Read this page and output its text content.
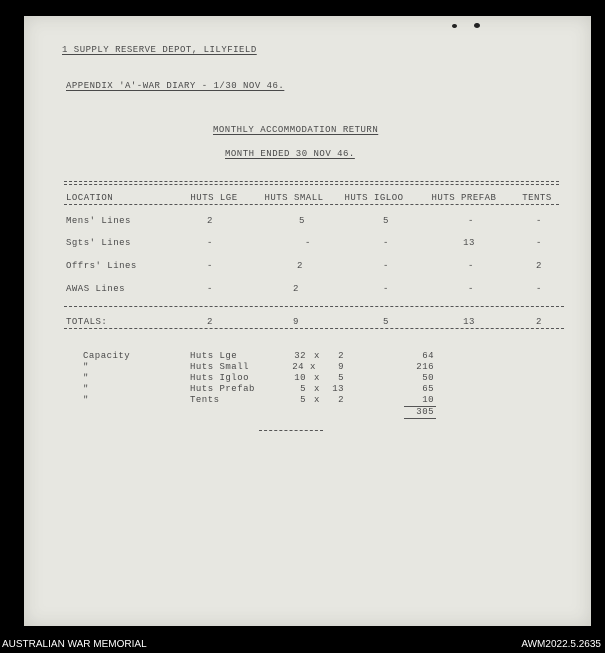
1 SUPPLY RESERVE DEPOT, LILYFIELD
APPENDIX 'A'-WAR DIARY - 1/30 NOV 46.
MONTHLY ACCOMMODATION RETURN
MONTH ENDED 30 NOV 46.
LOCATION	HUTS LGE	HUTS SMALL	HUTS IGLOO	HUTS PREFAB	TENTS
Mens' Lines	2	5	5	-	-
Sgts' Lines	-	-	-	13	-
Offrs' Lines	-	2	-	-	2
AWAS Lines	-	2	-	-	-
TOTALS:	2	9	5	13	2
Capacity	Huts Lge	32 x	2	64
"	Huts Small	24 x	9	216
"	Huts Igloo	10 x	5	50
"	Huts Prefab	5 x	13	65
"	Tents	5 x	2	10
305
AUSTRALIAN WAR MEMORIAL	AWM2022.5.2635
